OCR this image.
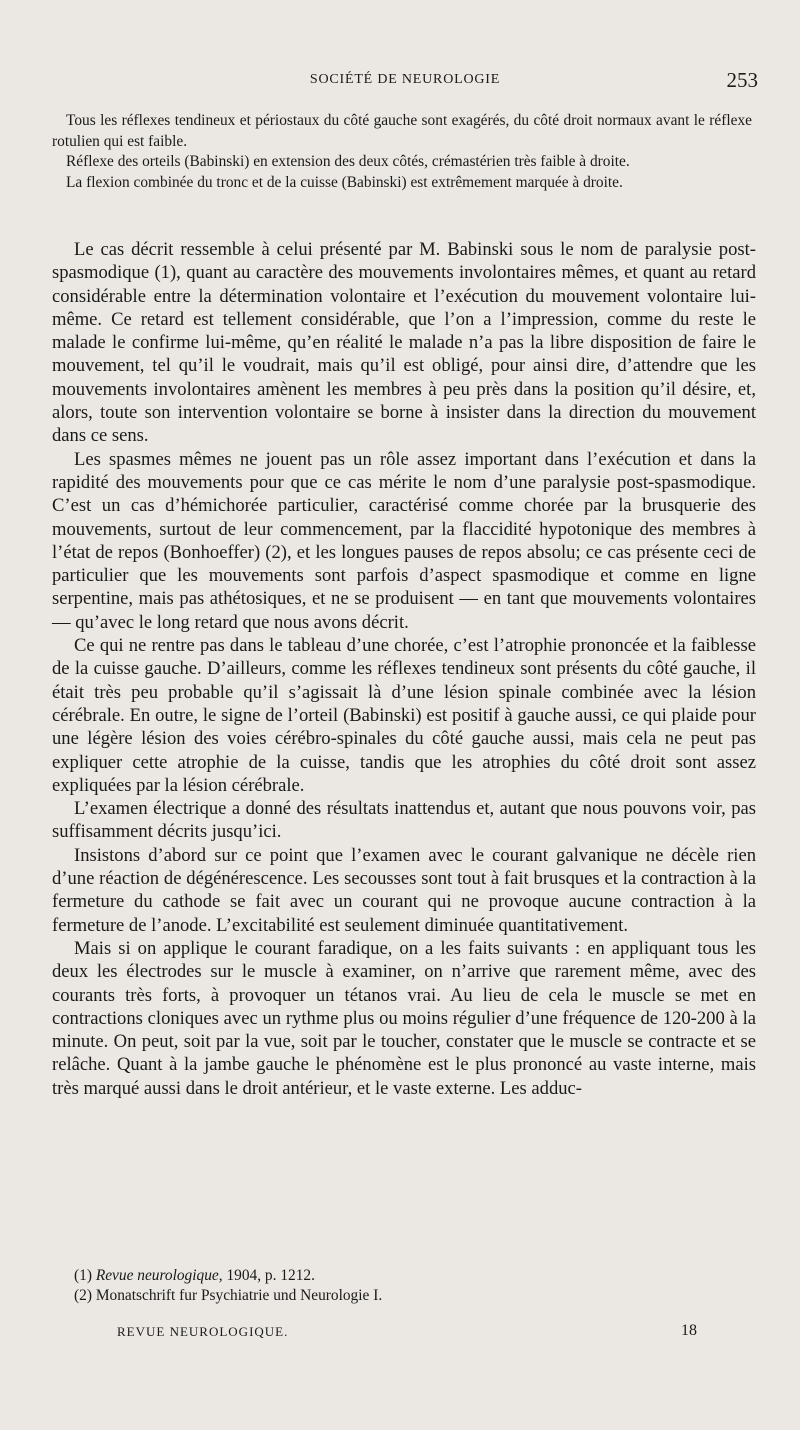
SOCIÉTÉ DE NEUROLOGIE	253

Tous les réflexes tendineux et périostaux du côté gauche sont exagérés, du côté droit normaux avant le réflexe rotulien qui est faible.

Réflexe des orteils (Babinski) en extension des deux côtés, crémastérien très faible à droite.

La flexion combinée du tronc et de la cuisse (Babinski) est extrêmement marquée à droite.

Le cas décrit ressemble à celui présenté par M. Babinski sous le nom de paralysie post-spasmodique (1), quant au caractère des mouvements involontaires mêmes, et quant au retard considérable entre la détermination volontaire et l’exécution du mouvement volontaire lui-même. Ce retard est tellement considérable, que l’on a l’impression, comme du reste le malade le confirme lui-même, qu’en réalité le malade n’a pas la libre disposition de faire le mouvement, tel qu’il le voudrait, mais qu’il est obligé, pour ainsi dire, d’attendre que les mouvements involontaires amènent les membres à peu près dans la position qu’il désire, et, alors, toute son intervention volontaire se borne à insister dans la direction du mouvement dans ce sens.

Les spasmes mêmes ne jouent pas un rôle assez important dans l’exécution et dans la rapidité des mouvements pour que ce cas mérite le nom d’une paralysie post-spasmodique. C’est un cas d’hémichorée particulier, caractérisé comme chorée par la brusquerie des mouvements, surtout de leur commencement, par la flaccidité hypotonique des membres à l’état de repos (Bonhoeffer) (2), et les longues pauses de repos absolu; ce cas présente ceci de particulier que les mouvements sont parfois d’aspect spasmodique et comme en ligne serpentine, mais pas athétosiques, et ne se produisent — en tant que mouvements volontaires — qu’avec le long retard que nous avons décrit.

Ce qui ne rentre pas dans le tableau d’une chorée, c’est l’atrophie prononcée et la faiblesse de la cuisse gauche. D’ailleurs, comme les réflexes tendineux sont présents du côté gauche, il était très peu probable qu’il s’agissait là d’une lésion spinale combinée avec la lésion cérébrale. En outre, le signe de l’orteil (Babinski) est positif à gauche aussi, ce qui plaide pour une légère lésion des voies cérébro-spinales du côté gauche aussi, mais cela ne peut pas expliquer cette atrophie de la cuisse, tandis que les atrophies du côté droit sont assez expliquées par la lésion cérébrale.

L’examen électrique a donné des résultats inattendus et, autant que nous pouvons voir, pas suffisamment décrits jusqu’ici.

Insistons d’abord sur ce point que l’examen avec le courant galvanique ne décèle rien d’une réaction de dégénérescence. Les secousses sont tout à fait brusques et la contraction à la fermeture du cathode se fait avec un courant qui ne provoque aucune contraction à la fermeture de l’anode. L’excitabilité est seulement diminuée quantitativement.

Mais si on applique le courant faradique, on a les faits suivants : en appliquant tous les deux les électrodes sur le muscle à examiner, on n’arrive que rarement même, avec des courants très forts, à provoquer un tétanos vrai. Au lieu de cela le muscle se met en contractions cloniques avec un rythme plus ou moins régulier d’une fréquence de 120-200 à la minute. On peut, soit par la vue, soit par le toucher, constater que le muscle se contracte et se relâche. Quant à la jambe gauche le phénomène est le plus prononcé au vaste interne, mais très marqué aussi dans le droit antérieur, et le vaste externe. Les adduc-

(1) Revue neurologique, 1904, p. 1212.
(2) Monatschrift fur Psychiatrie und Neurologie I.
REVUE NEUROLOGIQUE.	18
